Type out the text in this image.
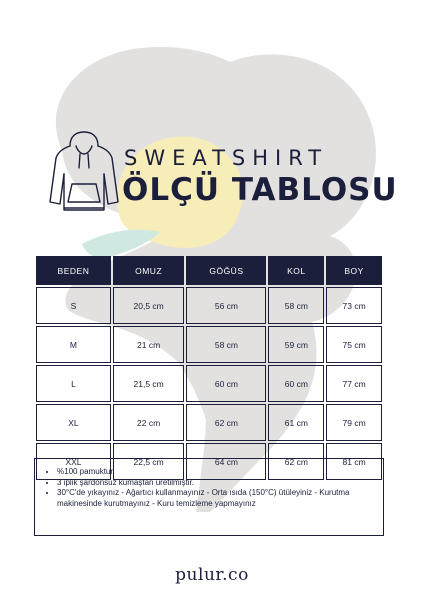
SWEATSHIRT
ÖLÇÜ TABLOSU
BEDEN	OMUZ	GÖĞÜS	KOL	BOY
S	20,5 cm	56 cm	58 cm	73 cm
M	21 cm	58 cm	59 cm	75 cm
L	21,5 cm	60 cm	60 cm	77 cm
XL	22 cm	62 cm	61 cm	79 cm
XXL	22,5 cm	64 cm	62 cm	81 cm
• %100 pamuktur.
• 3 iplik şardonsuz kumaştan üretilmiştir.
• 30°C'de yıkayınız - Ağartıcı kullanmayınız - Orta ısıda (150°C) ütüleyiniz - Kurutma makinesinde kurutmayınız - Kuru temizleme yapmayınız
pulur.co
